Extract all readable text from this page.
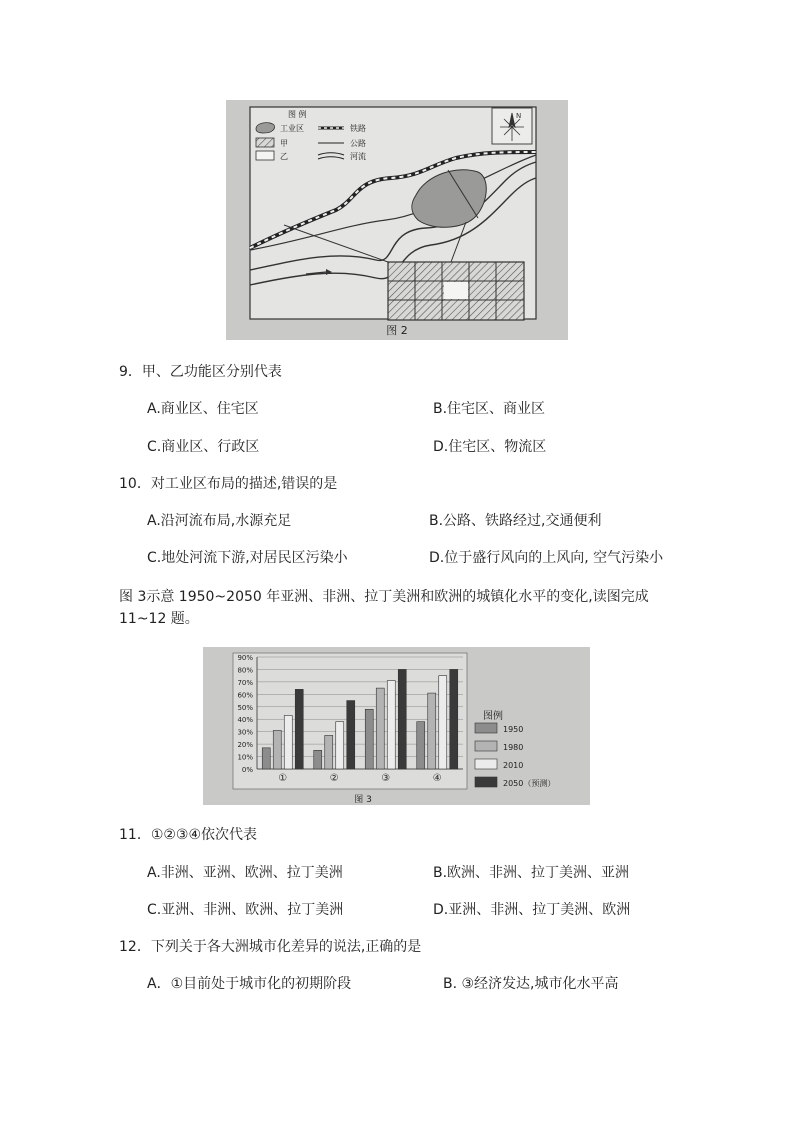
N
图 例
工业区
甲
乙
铁路
公路
河流
图 2
9．甲、乙功能区分别代表
A.商业区、住宅区	B.住宅区、商业区
C.商业区、行政区	D.住宅区、物流区
10．对工业区布局的描述,错误的是
A.沿河流布局,水源充足	B.公路、铁路经过,交通便利
C.地处河流下游,对居民区污染小	D.位于盛行风向的上风向, 空气污染小
图 3示意 1950~2050 年亚洲、非洲、拉丁美洲和欧洲的城镇化水平的变化,读图完成 11~12 题。
0%
10%
20%
30%
40%
50%
60%
70%
80%
90%
①	②	③	④
图例
1950
1980
2010
2050（预测）
图 3
11．①②③④依次代表
A.非洲、亚洲、欧洲、拉丁美洲	B.欧洲、非洲、拉丁美洲、亚洲
C.亚洲、非洲、欧洲、拉丁美洲	D.亚洲、非洲、拉丁美洲、欧洲
12．下列关于各大洲城市化差异的说法,正确的是
A．①目前处于城市化的初期阶段	B. ③经济发达,城市化水平高
